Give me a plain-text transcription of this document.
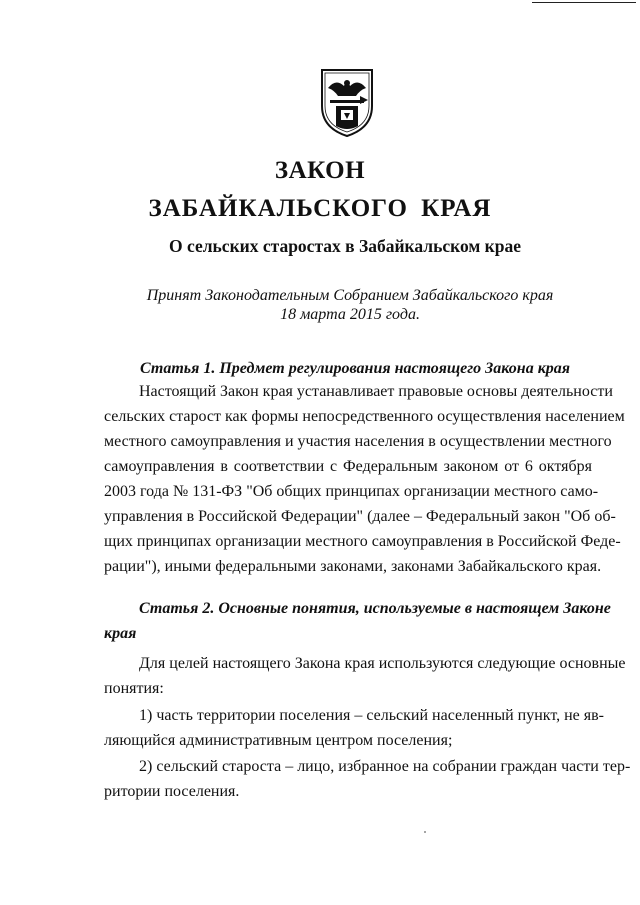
ЗАКОН
ЗАБАЙКАЛЬСКОГО КРАЯ
О сельских старостах в Забайкальском крае
Принят Законодательным Собранием Забайкальского края
18 марта 2015 года.
Статья 1. Предмет регулирования настоящего Закона края
Настоящий Закон края устанавливает правовые основы деятельности
сельских старост как формы непосредственного осуществления населением
местного самоуправления и участия населения в осуществлении местного
самоуправления в соответствии с Федеральным законом от 6 октября
2003 года № 131-ФЗ "Об общих принципах организации местного само-
управления в Российской Федерации" (далее – Федеральный закон "Об об-
щих принципах организации местного самоуправления в Российской Феде-
рации"), иными федеральными законами, законами Забайкальского края.
Статья 2. Основные понятия, используемые в настоящем Законе
края
Для целей настоящего Закона края используются следующие основные
понятия:
1) часть территории поселения – сельский населенный пункт, не яв-
ляющийся административным центром поселения;
2) сельский староста – лицо, избранное на собрании граждан части тер-
ритории поселения.
